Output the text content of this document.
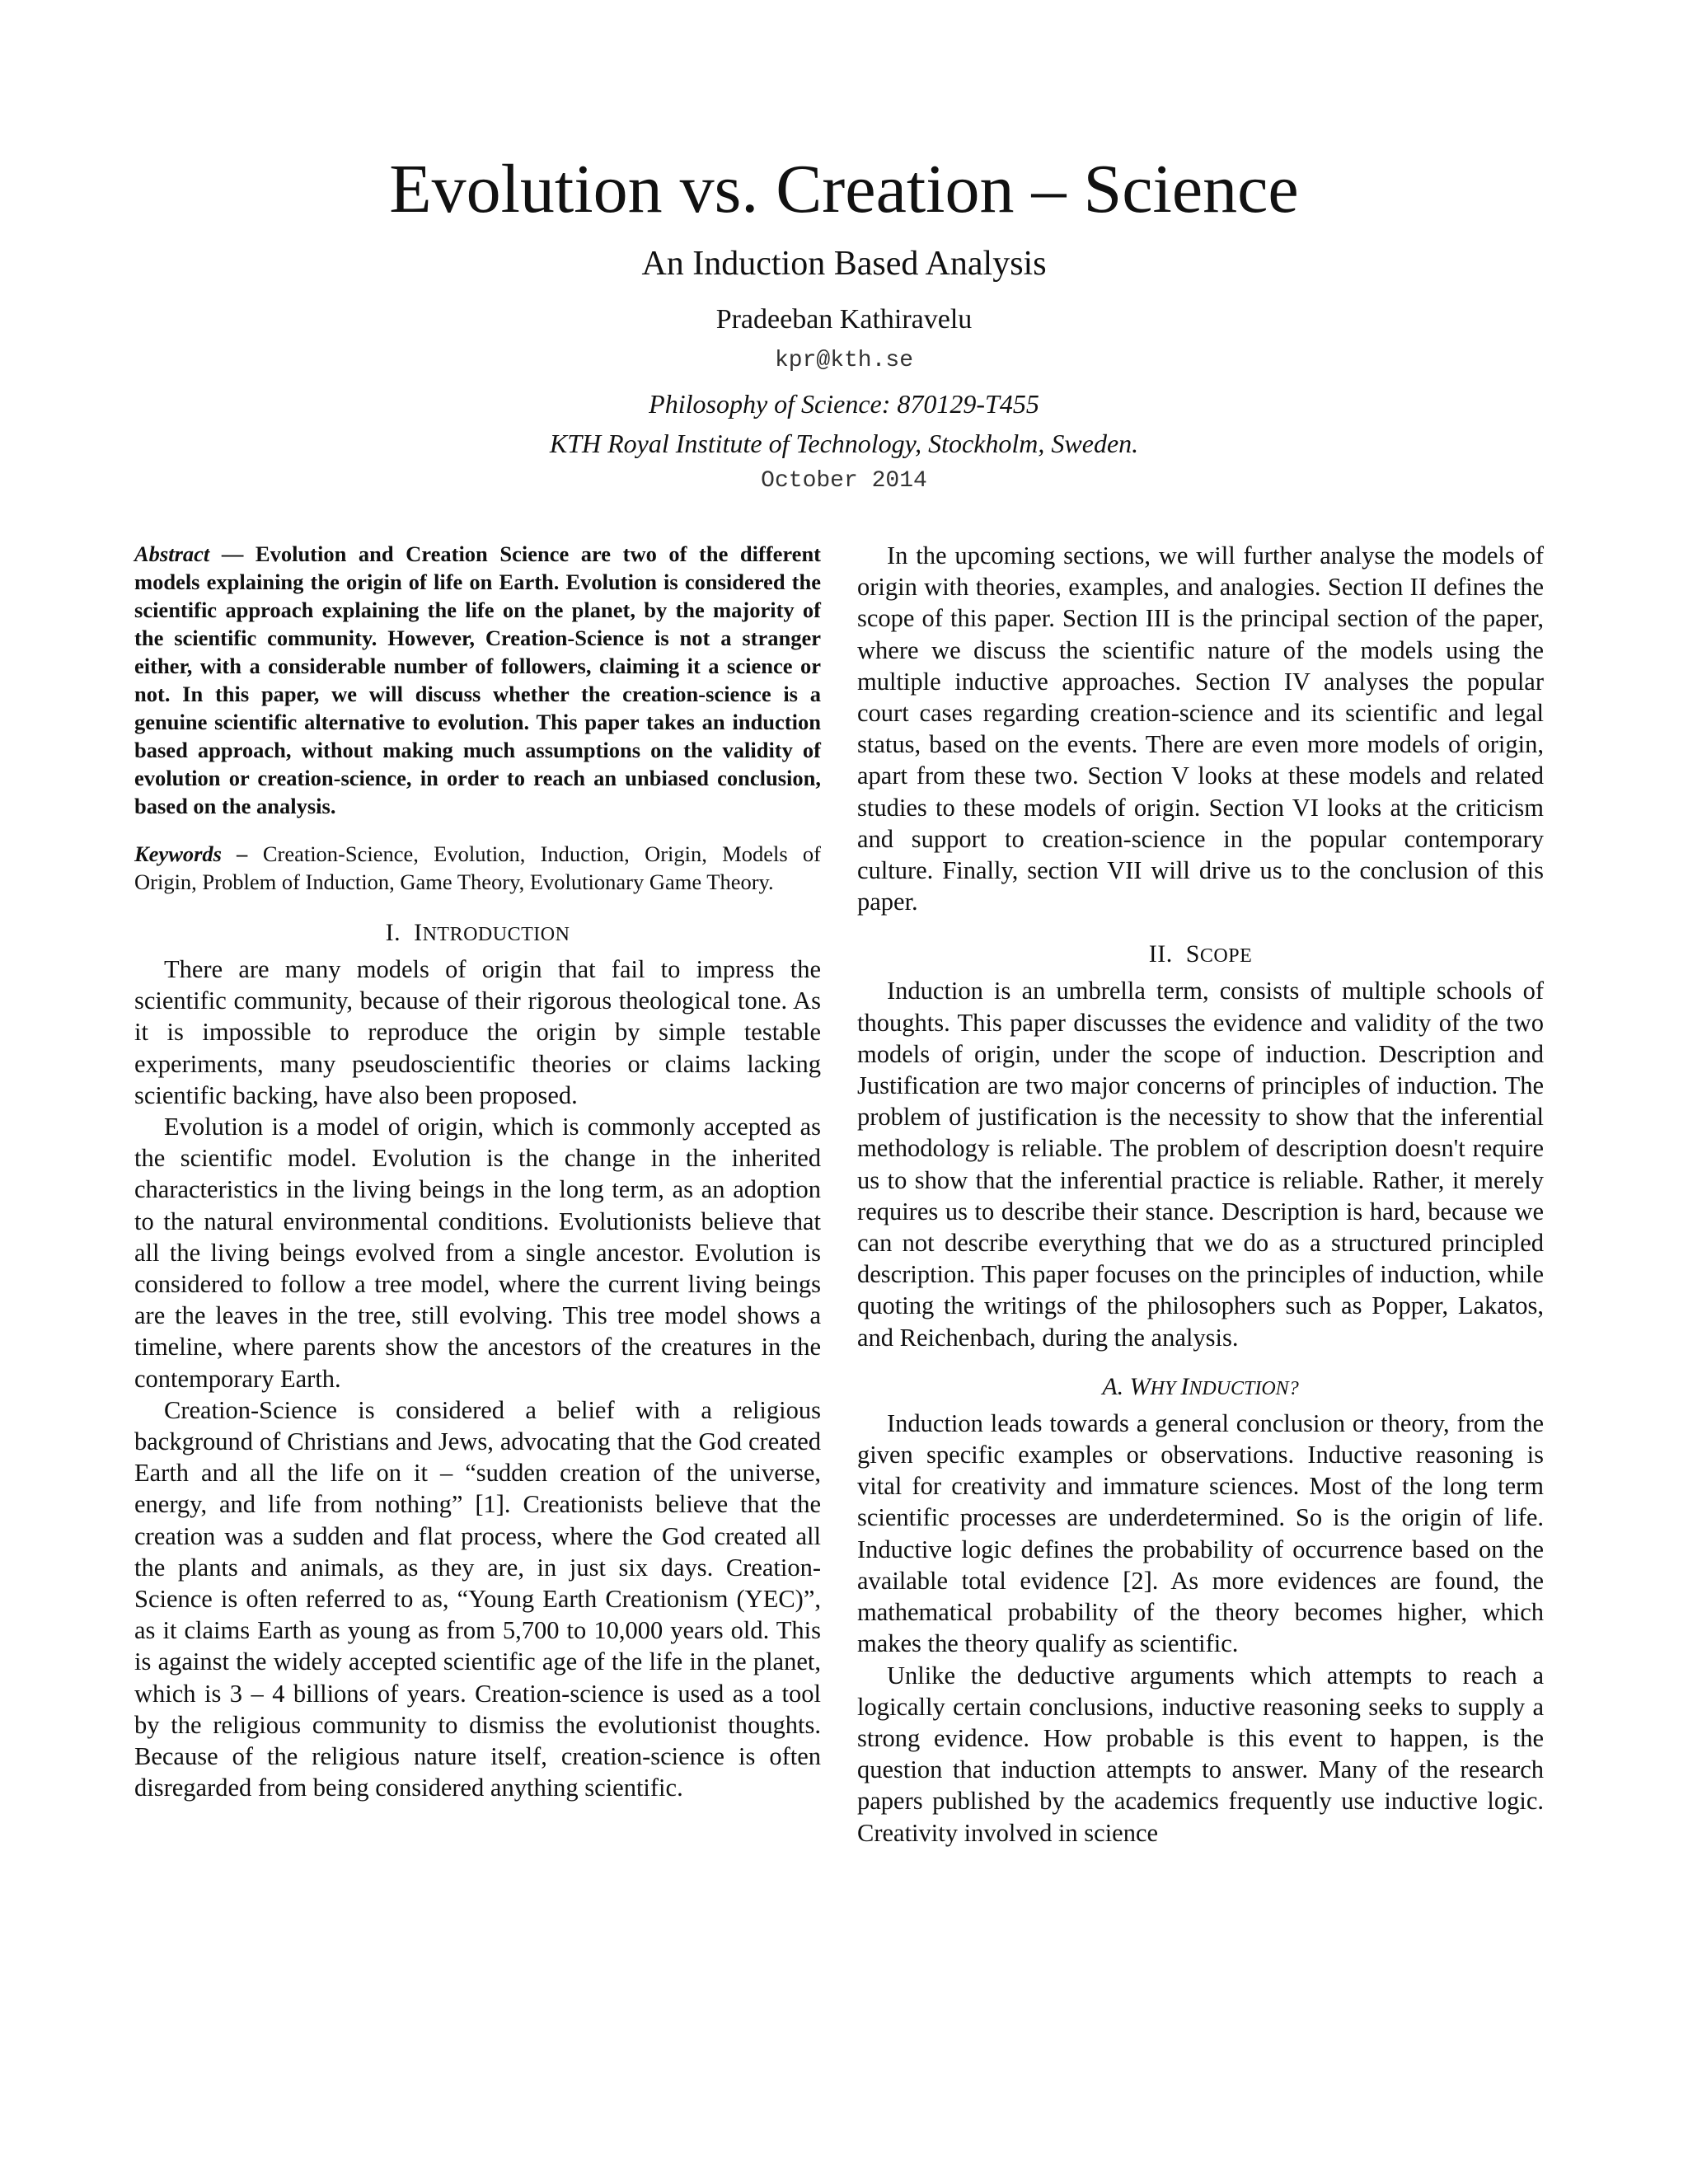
Evolution vs. Creation – Science
An Induction Based Analysis
Pradeeban Kathiravelu
kpr@kth.se
Philosophy of Science: 870129-T455
KTH Royal Institute of Technology, Stockholm, Sweden.
October 2014

Abstract — Evolution and Creation Science are two of the different models explaining the origin of life on Earth. Evolution is considered the scientific approach explaining the life on the planet, by the majority of the scientific community. However, Creation-Science is not a stranger either, with a considerable number of followers, claiming it a science or not. In this paper, we will discuss whether the creation-science is a genuine scientific alternative to evolution. This paper takes an induction based approach, without making much assumptions on the validity of evolution or creation-science, in order to reach an unbiased conclusion, based on the analysis.

Keywords – Creation-Science, Evolution, Induction, Origin, Models of Origin, Problem of Induction, Game Theory, Evolutionary Game Theory.

I. INTRODUCTION

There are many models of origin that fail to impress the scientific community, because of their rigorous theological tone. As it is impossible to reproduce the origin by simple testable experiments, many pseudoscientific theories or claims lacking scientific backing, have also been proposed.

Evolution is a model of origin, which is commonly accepted as the scientific model. Evolution is the change in the inherited characteristics in the living beings in the long term, as an adoption to the natural environmental conditions. Evolutionists believe that all the living beings evolved from a single ancestor. Evolution is considered to follow a tree model, where the current living beings are the leaves in the tree, still evolving. This tree model shows a timeline, where parents show the ancestors of the creatures in the contemporary Earth.

Creation-Science is considered a belief with a religious background of Christians and Jews, advocating that the God created Earth and all the life on it – “sudden creation of the universe, energy, and life from nothing” [1]. Creationists believe that the creation was a sudden and flat process, where the God created all the plants and animals, as they are, in just six days. Creation-Science is often referred to as, “Young Earth Creationism (YEC)”, as it claims Earth as young as from 5,700 to 10,000 years old. This is against the widely accepted scientific age of the life in the planet, which is 3 – 4 billions of years. Creation-science is used as a tool by the religious community to dismiss the evolutionist thoughts. Because of the religious nature itself, creation-science is often disregarded from being considered anything scientific.

In the upcoming sections, we will further analyse the models of origin with theories, examples, and analogies. Section II defines the scope of this paper. Section III is the principal section of the paper, where we discuss the scientific nature of the models using the multiple inductive approaches. Section IV analyses the popular court cases regarding creation-science and its scientific and legal status, based on the events. There are even more models of origin, apart from these two. Section V looks at these models and related studies to these models of origin. Section VI looks at the criticism and support to creation-science in the popular contemporary culture. Finally, section VII will drive us to the conclusion of this paper.

II. SCOPE

Induction is an umbrella term, consists of multiple schools of thoughts. This paper discusses the evidence and validity of the two models of origin, under the scope of induction. Description and Justification are two major concerns of principles of induction. The problem of justification is the necessity to show that the inferential methodology is reliable. The problem of description doesn't require us to show that the inferential practice is reliable. Rather, it merely requires us to describe their stance. Description is hard, because we can not describe everything that we do as a structured principled description. This paper focuses on the principles of induction, while quoting the writings of the philosophers such as Popper, Lakatos, and Reichenbach, during the analysis.

A. WHY INDUCTION?

Induction leads towards a general conclusion or theory, from the given specific examples or observations. Inductive reasoning is vital for creativity and immature sciences. Most of the long term scientific processes are underdetermined. So is the origin of life. Inductive logic defines the probability of occurrence based on the available total evidence [2]. As more evidences are found, the mathematical probability of the theory becomes higher, which makes the theory qualify as scientific.

Unlike the deductive arguments which attempts to reach a logically certain conclusions, inductive reasoning seeks to supply a strong evidence. How probable is this event to happen, is the question that induction attempts to answer. Many of the research papers published by the academics frequently use inductive logic. Creativity involved in science
